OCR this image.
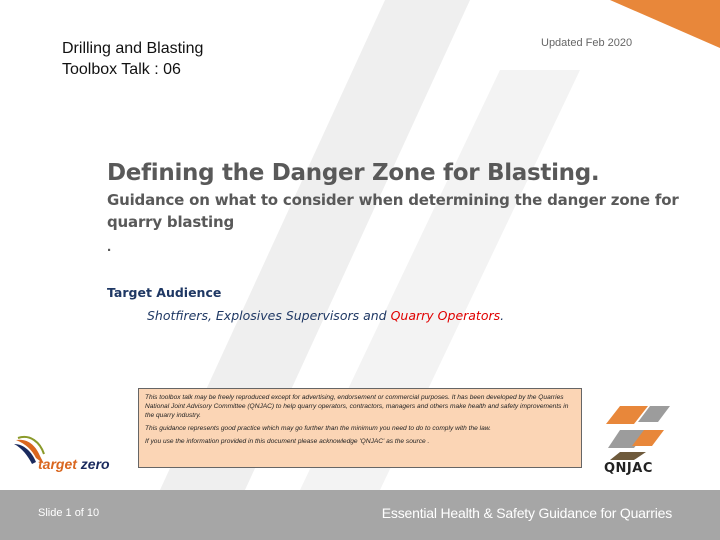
Drilling and Blasting
Toolbox Talk : 06
Updated Feb 2020
Defining the Danger Zone for Blasting.
Guidance on what to consider when determining the danger zone for quarry blasting
.
Target Audience
Shotfirers, Explosives Supervisors and Quarry Operators.

This toolbox talk may be freely reproduced except for advertising, endorsement or commercial purposes. It has been developed by the Quarries National Joint Advisory Committee (QNJAC) to help quarry operators, contractors, managers and others make health and safety improvements in the quarry industry.

This guidance represents good practice which may go further than the minimum you need to do to comply with the law.

If you use the information provided in this document please acknowledge 'QNJAC' as the source .

target zero	QNJAC
Slide 1 of 10	Essential Health & Safety Guidance for Quarries
